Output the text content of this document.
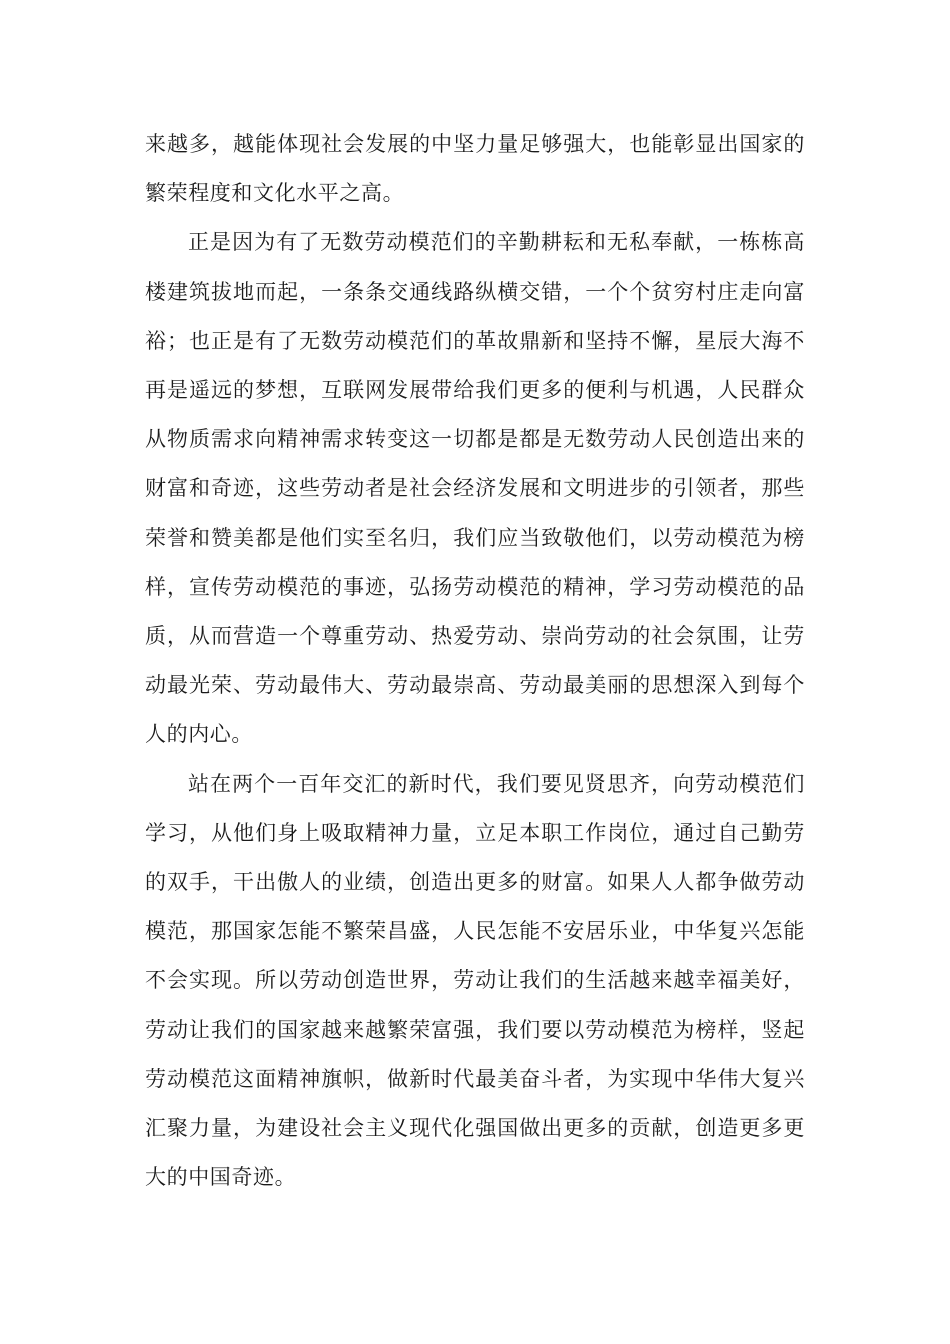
来越多，越能体现社会发展的中坚力量足够强大，也能彰显出国家的繁荣程度和文化水平之高。

正是因为有了无数劳动模范们的辛勤耕耘和无私奉献，一栋栋高楼建筑拔地而起，一条条交通线路纵横交错，一个个贫穷村庄走向富裕；也正是有了无数劳动模范们的革故鼎新和坚持不懈，星辰大海不再是遥远的梦想，互联网发展带给我们更多的便利与机遇，人民群众从物质需求向精神需求转变这一切都是都是无数劳动人民创造出来的财富和奇迹，这些劳动者是社会经济发展和文明进步的引领者，那些荣誉和赞美都是他们实至名归，我们应当致敬他们，以劳动模范为榜样，宣传劳动模范的事迹，弘扬劳动模范的精神，学习劳动模范的品质，从而营造一个尊重劳动、热爱劳动、崇尚劳动的社会氛围，让劳动最光荣、劳动最伟大、劳动最崇高、劳动最美丽的思想深入到每个人的内心。

站在两个一百年交汇的新时代，我们要见贤思齐，向劳动模范们学习，从他们身上吸取精神力量，立足本职工作岗位，通过自己勤劳的双手，干出傲人的业绩，创造出更多的财富。如果人人都争做劳动模范，那国家怎能不繁荣昌盛，人民怎能不安居乐业，中华复兴怎能不会实现。所以劳动创造世界，劳动让我们的生活越来越幸福美好，劳动让我们的国家越来越繁荣富强，我们要以劳动模范为榜样，竖起劳动模范这面精神旗帜，做新时代最美奋斗者，为实现中华伟大复兴汇聚力量，为建设社会主义现代化强国做出更多的贡献，创造更多更大的中国奇迹。
